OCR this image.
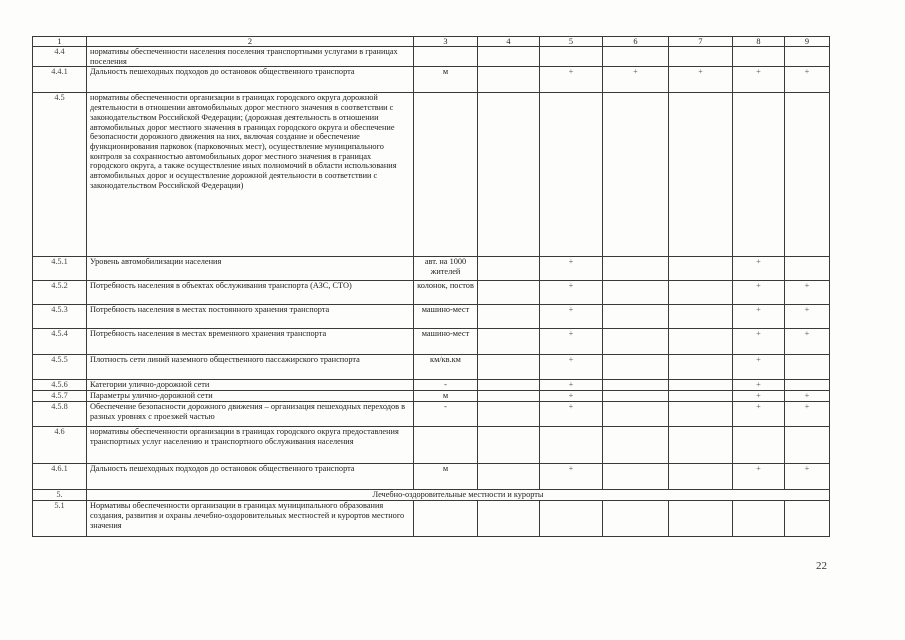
1	2	3	4	5	6	7	8	9
4.4	нормативы обеспеченности населения поселения транспортными услугами в границах поселения							
4.4.1	Дальность пешеходных подходов до остановок общественного транспорта	м		+	+	+	+	+
4.5	нормативы обеспеченности организации в границах городского округа дорожной деятельности в отношении автомобильных дорог местного значения в соответствии с законодательством Российской Федерации; (дорожная деятельность в отношении автомобильных дорог местного значения в границах городского округа и обеспечение безопасности дорожного движения на них, включая создание и обеспечение функционирования парковок (парковочных мест), осуществление муниципального контроля за сохранностью автомобильных дорог местного значения в границах городского округа, а также осуществление иных полномочий в области использования автомобильных дорог и осуществление дорожной деятельности в соответствии с законодательством Российской Федерации)							
4.5.1	Уровень автомобилизации населения	авт. на 1000 жителей		+			+	
4.5.2	Потребность населения в объектах обслуживания транспорта (АЗС, СТО)	колонок, постов		+			+	+
4.5.3	Потребность населения в местах постоянного хранения транспорта	машино-мест		+			+	+
4.5.4	Потребность населения в местах временного хранения транспорта	машино-мест		+			+	+
4.5.5	Плотность сети линий наземного общественного пассажирского транспорта	км/кв.км		+			+	
4.5.6	Категории улично-дорожной сети	-		+			+	
4.5.7	Параметры улично-дорожной сети	м		+			+	+
4.5.8	Обеспечение безопасности дорожного движения – организация пешеходных переходов в разных уровнях с проезжей частью	-		+			+	+
4.6	нормативы обеспеченности организации в границах городского округа предоставления транспортных услуг населению и транспортного обслуживания населения							
4.6.1	Дальность пешеходных подходов до остановок общественного транспорта	м		+			+	+
5.	Лечебно-оздоровительные местности и курорты							
5.1	Нормативы обеспеченности организации в границах муниципального образования создания, развития и охраны лечебно-оздоровительных местностей и курортов местного значения							
22
